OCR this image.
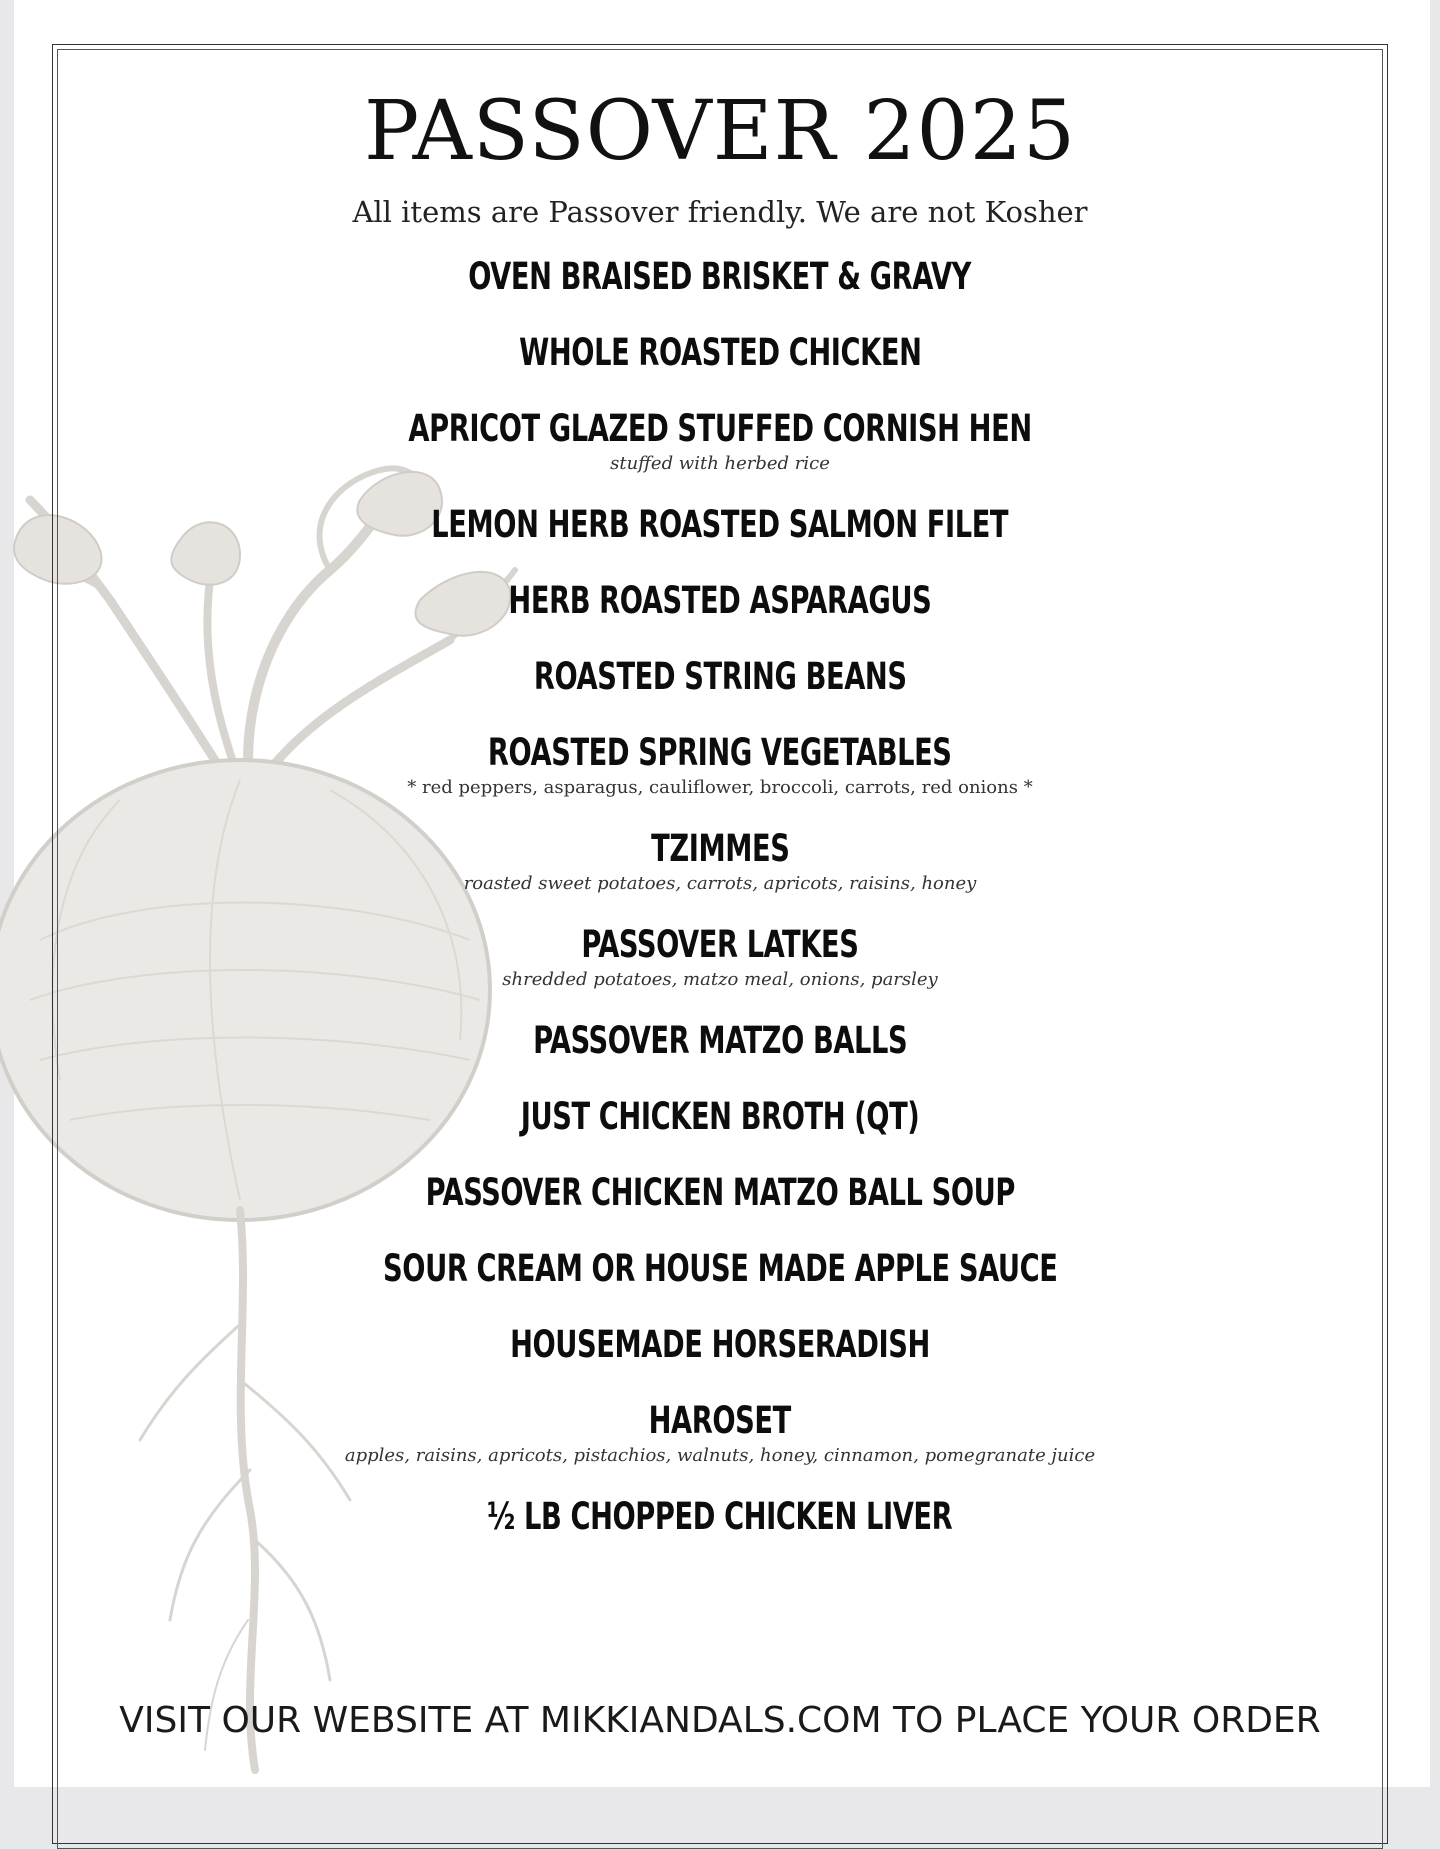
PASSOVER 2025
All items are Passover friendly. We are not Kosher
OVEN BRAISED BRISKET & GRAVY
WHOLE ROASTED CHICKEN
APRICOT GLAZED STUFFED CORNISH HEN
stuffed with herbed rice
LEMON HERB ROASTED SALMON FILET
HERB ROASTED ASPARAGUS
ROASTED STRING BEANS
ROASTED SPRING VEGETABLES
* red peppers, asparagus, cauliflower, broccoli, carrots, red onions *
TZIMMES
roasted sweet potatoes, carrots, apricots, raisins, honey
PASSOVER LATKES
shredded potatoes, matzo meal, onions, parsley
PASSOVER MATZO BALLS
JUST CHICKEN BROTH (QT)
PASSOVER CHICKEN MATZO BALL SOUP
SOUR CREAM OR HOUSE MADE APPLE SAUCE
HOUSEMADE HORSERADISH
HAROSET
apples, raisins, apricots, pistachios, walnuts, honey, cinnamon, pomegranate juice
½ LB CHOPPED CHICKEN LIVER
VISIT OUR WEBSITE AT MIKKIANDALS.COM TO PLACE YOUR ORDER
